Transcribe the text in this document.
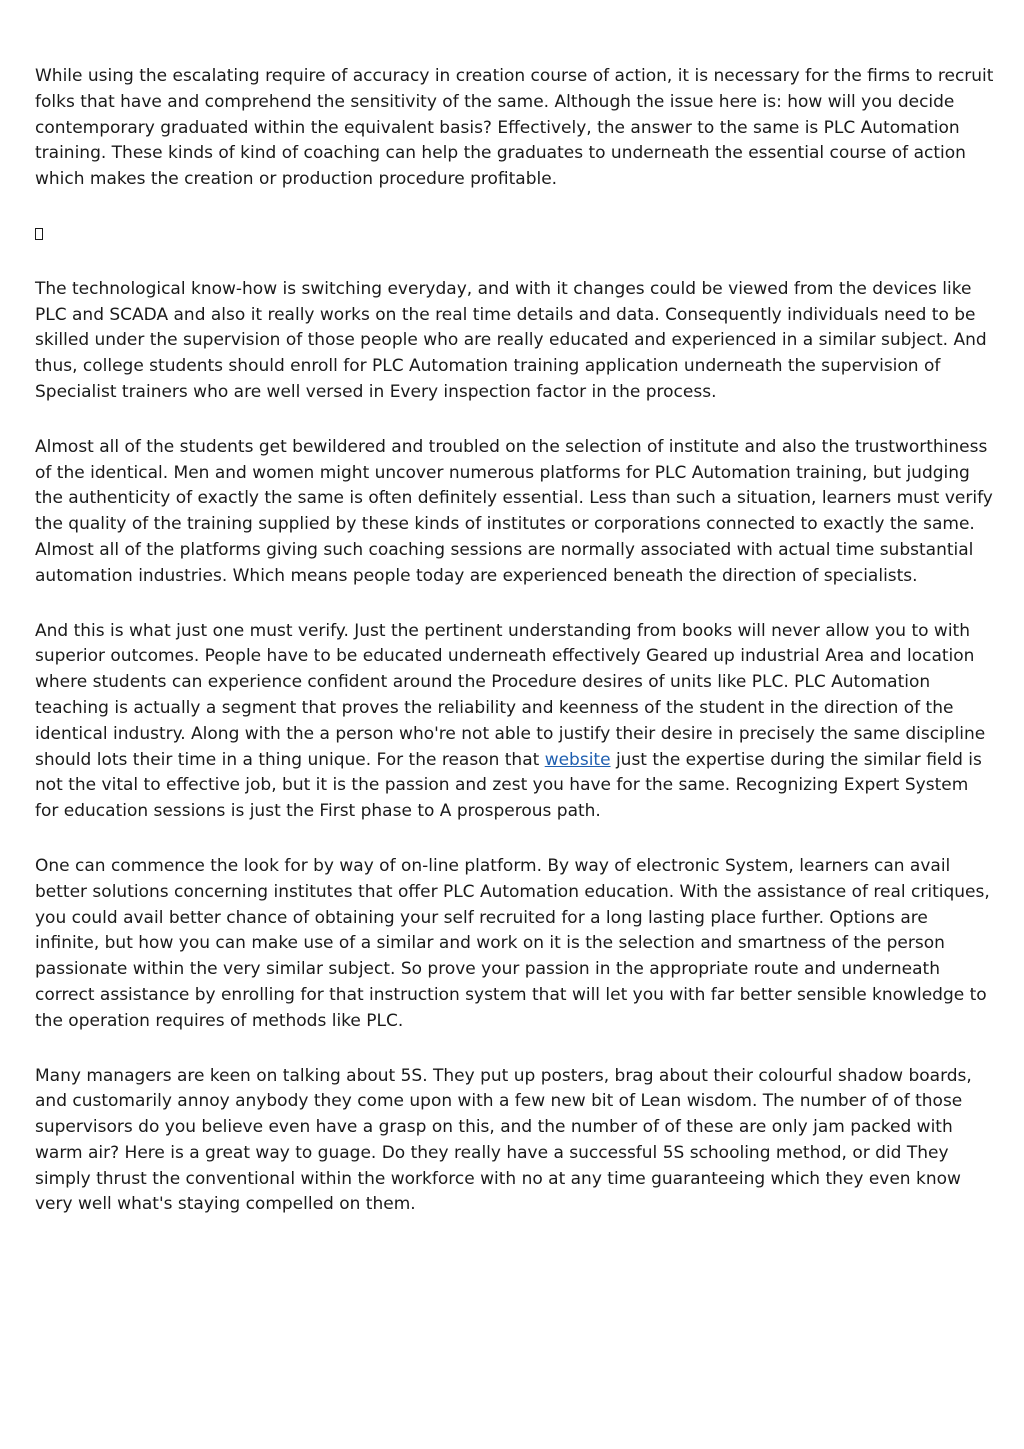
While using the escalating require of accuracy in creation course of action, it is necessary for the firms to recruit folks that have and comprehend the sensitivity of the same. Although the issue here is: how will you decide contemporary graduated within the equivalent basis? Effectively, the answer to the same is PLC Automation training. These kinds of kind of coaching can help the graduates to underneath the essential course of action which makes the creation or production procedure profitable.

The technological know-how is switching everyday, and with it changes could be viewed from the devices like PLC and SCADA and also it really works on the real time details and data. Consequently individuals need to be skilled under the supervision of those people who are really educated and experienced in a similar subject. And thus, college students should enroll for PLC Automation training application underneath the supervision of Specialist trainers who are well versed in Every inspection factor in the process.

Almost all of the students get bewildered and troubled on the selection of institute and also the trustworthiness of the identical. Men and women might uncover numerous platforms for PLC Automation training, but judging the authenticity of exactly the same is often definitely essential. Less than such a situation, learners must verify the quality of the training supplied by these kinds of institutes or corporations connected to exactly the same. Almost all of the platforms giving such coaching sessions are normally associated with actual time substantial automation industries. Which means people today are experienced beneath the direction of specialists.

And this is what just one must verify. Just the pertinent understanding from books will never allow you to with superior outcomes. People have to be educated underneath effectively Geared up industrial Area and location where students can experience confident around the Procedure desires of units like PLC. PLC Automation teaching is actually a segment that proves the reliability and keenness of the student in the direction of the identical industry. Along with the a person who're not able to justify their desire in precisely the same discipline should lots their time in a thing unique. For the reason that website just the expertise during the similar field is not the vital to effective job, but it is the passion and zest you have for the same. Recognizing Expert System for education sessions is just the First phase to A prosperous path.

One can commence the look for by way of on-line platform. By way of electronic System, learners can avail better solutions concerning institutes that offer PLC Automation education. With the assistance of real critiques, you could avail better chance of obtaining your self recruited for a long lasting place further. Options are infinite, but how you can make use of a similar and work on it is the selection and smartness of the person passionate within the very similar subject. So prove your passion in the appropriate route and underneath correct assistance by enrolling for that instruction system that will let you with far better sensible knowledge to the operation requires of methods like PLC.

Many managers are keen on talking about 5S. They put up posters, brag about their colourful shadow boards, and customarily annoy anybody they come upon with a few new bit of Lean wisdom. The number of of those supervisors do you believe even have a grasp on this, and the number of of these are only jam packed with warm air? Here is a great way to guage. Do they really have a successful 5S schooling method, or did They simply thrust the conventional within the workforce with no at any time guaranteeing which they even know very well what's staying compelled on them.
